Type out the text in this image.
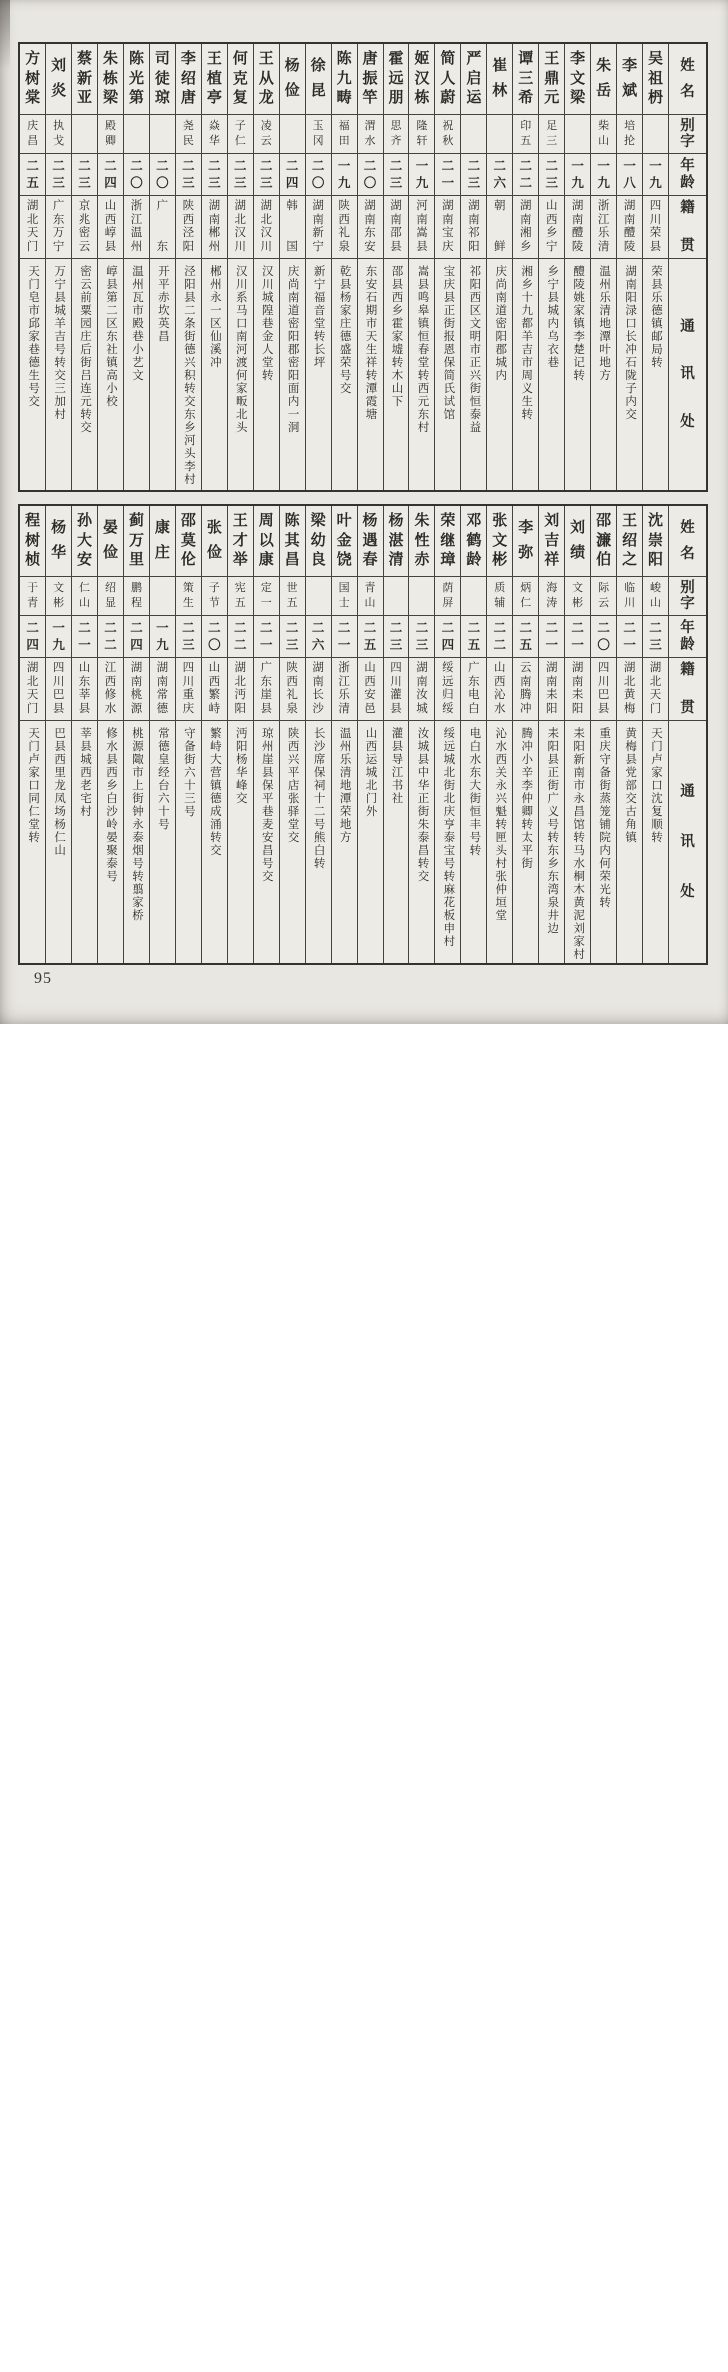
姓
名
别
字
年
龄
籍
贯
通
讯
处
吴
祖
枬
一
九
四
川
荣
县
荣县乐德镇邮局转
李
斌
培
抡
一
八
湖
南
醴
陵
湖南阳渌口长冲石陇子内交
朱
岳
柴
山
一
九
浙
江
乐
清
温州乐清地潭叶地方
李
文
梁
一
九
湖
南
醴
陵
醴陵姚家镇李楚记转
王
鼎
元
足
三
二
三
山
西
乡
宁
乡宁县城内乌衣巷
谭
三
希
印
五
二
二
湖
南
湘
乡
湘乡十九都羊吉市周义生转
崔
林
二
六
朝
鲜
庆尚南道密阳郡城内
严
启
运
二
三
湖
南
祁
阳
祁阳西区文明市正兴街恒泰益
简
人
蔚
祝
秋
二
一
湖
南
宝
庆
宝庆县正街报恩保简氏试馆
姬
汉
栋
隆
轩
一
九
河
南
嵩
县
嵩县鸣皋镇恒春堂转西元东村
霍
远
朋
思
齐
二
三
湖
南
邵
县
邵县西乡霍家墟转木山下
唐
振
竿
渭
水
二
〇
湖
南
东
安
东安石期市天生祥转潭霞塘
陈
九
畴
福
田
一
九
陕
西
礼
泉
乾县杨家庄德盛荣号交
徐
昆
玉
冈
二
〇
湖
南
新
宁
新宁福音堂转长坪
杨
俭
二
四
韩
国
庆尚南道密阳郡密阳面内一洞
王
从
龙
凌
云
二
三
湖
北
汉
川
汉川城隍巷金人堂转
何
克
复
子
仁
二
三
湖
北
汉
川
汉川系马口南河渡何家畈北头
王
植
亭
焱
华
二
三
湖
南
郴
州
郴州永一区仙溪冲
李
绍
唐
尧
民
二
三
陕
西
泾
阳
泾阳县二条街德兴积转交东乡河头李村
司
徒
琼
二
〇
广
东
开平赤坎英昌
陈
光
第
二
〇
浙
江
温
州
温州瓦市殿巷小艺文
朱
栋
梁
殿
卿
二
四
山
西
崞
县
崞县第二区东社镇高小校
蔡
新
亚
二
三
京
兆
密
云
密云前粟园庄后街吕连元转交
刘
炎
执
戈
二
三
广
东
万
宁
万宁县城羊吉号转交三加村
方
树
棠
庆
昌
二
五
湖
北
天
门
天门皂市邱家巷德生号交
姓
名
别
字
年
龄
籍
贯
通
讯
处
沈
崇
阳
峻
山
二
三
湖
北
天
门
天门卢家口沈复顺转
王
绍
之
临
川
二
一
湖
北
黄
梅
黄梅县党部交古角镇
邵
濂
伯
际
云
二
〇
四
川
巴
县
重庆守备街蒸笼铺院内何荣光转
刘
绩
文
彬
二
一
湖
南
耒
阳
耒阳新南市永昌馆转马水桐木黄泥刘家村
刘
吉
祥
海
涛
二
一
湖
南
耒
阳
耒阳县正街广义号转东乡东湾泉井边
李
弥
炳
仁
二
五
云
南
腾
冲
腾冲小辛李仲卿转太平街
张
文
彬
质
辅
二
二
山
西
沁
水
沁水西关永兴魁转匣头村张仲垣堂
邓
鹤
龄
二
五
广
东
电
白
电白水东大街恒丰号转
荣
继
璋
荫
屏
二
四
绥
远
归
绥
绥远城北街北庆亨泰宝号转麻花板申村
朱
性
赤
二
三
湖
南
汝
城
汝城县中华正街朱泰昌转交
杨
湛
清
二
三
四
川
灌
县
灌县导江书社
杨
遇
春
青
山
二
五
山
西
安
邑
山西运城北门外
叶
金
饶
国
士
二
一
浙
江
乐
清
温州乐清地潭荣地方
梁
幼
良
二
六
湖
南
长
沙
长沙席保祠十二号熊白转
陈
其
昌
世
五
二
三
陕
西
礼
泉
陕西兴平店张驿堂交
周
以
康
定
一
二
一
广
东
崖
县
琼州崖县保平巷麦安昌号交
王
才
举
宪
五
二
二
湖
北
沔
阳
沔阳杨华峰交
张
俭
子
节
二
〇
山
西
繁
峙
繁峙大营镇德成涌转交
邵
莫
伦
策
生
二
三
四
川
重
庆
守备街六十三号
康
庄
一
九
湖
南
常
德
常德皇经台六十号
蓟
万
里
鹏
程
二
四
湖
南
桃
源
桃源陬市上街钟永泰烟号转翦家桥
晏
俭
绍
显
二
二
江
西
修
水
修水县西乡白沙岭晏聚泰号
孙
大
安
仁
山
二
一
山
东
莘
县
莘县城西老宅村
杨
华
文
彬
一
九
四
川
巴
县
巴县西里龙凤场杨仁山
程
树
桢
于
青
二
四
湖
北
天
门
天门卢家口同仁堂转
95
